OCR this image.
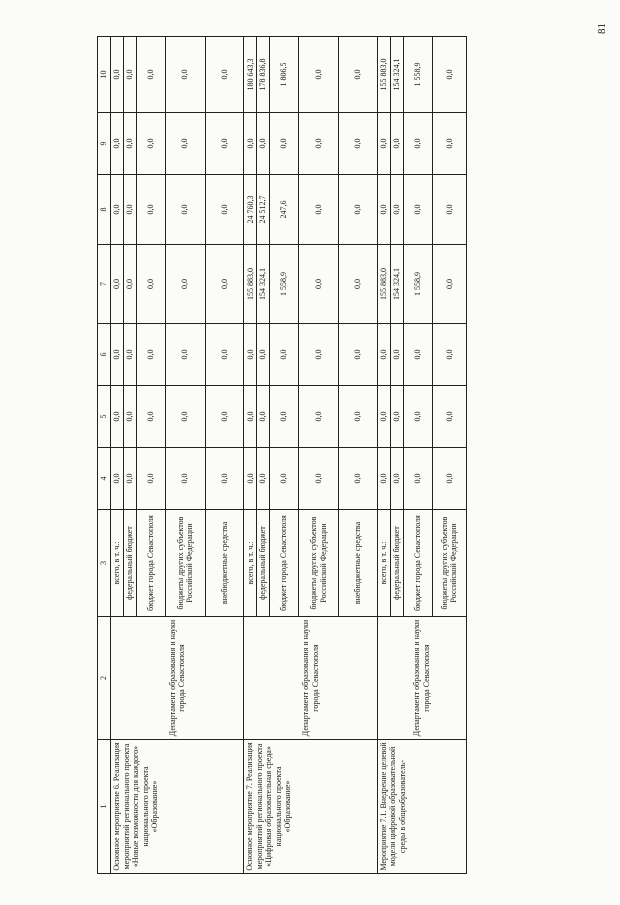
81
1	2	3	4	5	6	7	8	9	10
Основное мероприятие 6. Реализация мероприятий регионального проекта «Новые возможности для каждого» национального проекта «Образование»	Департамент образования и науки города Севастополя	всего, в т. ч.:	0,0	0,0	0,0	0,0	0,0	0,0	0,0
		федеральный бюджет	0,0	0,0	0,0	0,0	0,0	0,0	0,0
		бюджет города Севастополя	0,0	0,0	0,0	0,0	0,0	0,0	0,0
		бюджеты других субъектов Российской Федерации	0,0	0,0	0,0	0,0	0,0	0,0	0,0
		внебюджетные средства	0,0	0,0	0,0	0,0	0,0	0,0	0,0
Основное мероприятие 7. Реализация мероприятий регионального проекта «Цифровая образовательная среда» национального проекта «Образование»	Департамент образования и науки города Севастополя	всего, в т. ч.:	0,0	0,0	0,0	155 883,0	24 760,3	0,0	180 643,3
		федеральный бюджет	0,0	0,0	0,0	154 324,1	24 512,7	0,0	178 836,8
		бюджет города Севастополя	0,0	0,0	0,0	1 558,9	247,6	0,0	1 806,5
		бюджеты других субъектов Российской Федерации	0,0	0,0	0,0	0,0	0,0	0,0	0,0
		внебюджетные средства	0,0	0,0	0,0	0,0	0,0	0,0	0,0
Мероприятие 7.1. Внедрение целевой модели цифровой образовательной среды в общеобразователь-	Департамент образования и науки города Севастополя	всего, в т. ч.:	0,0	0,0	0,0	155 883,0	0,0	0,0	155 883,0
		федеральный бюджет	0,0	0,0	0,0	154 324,1	0,0	0,0	154 324,1
		бюджет города Севастополя	0,0	0,0	0,0	1 558,9	0,0	0,0	1 558,9
		бюджеты других субъектов Российской Федерации	0,0	0,0	0,0	0,0	0,0	0,0	0,0
